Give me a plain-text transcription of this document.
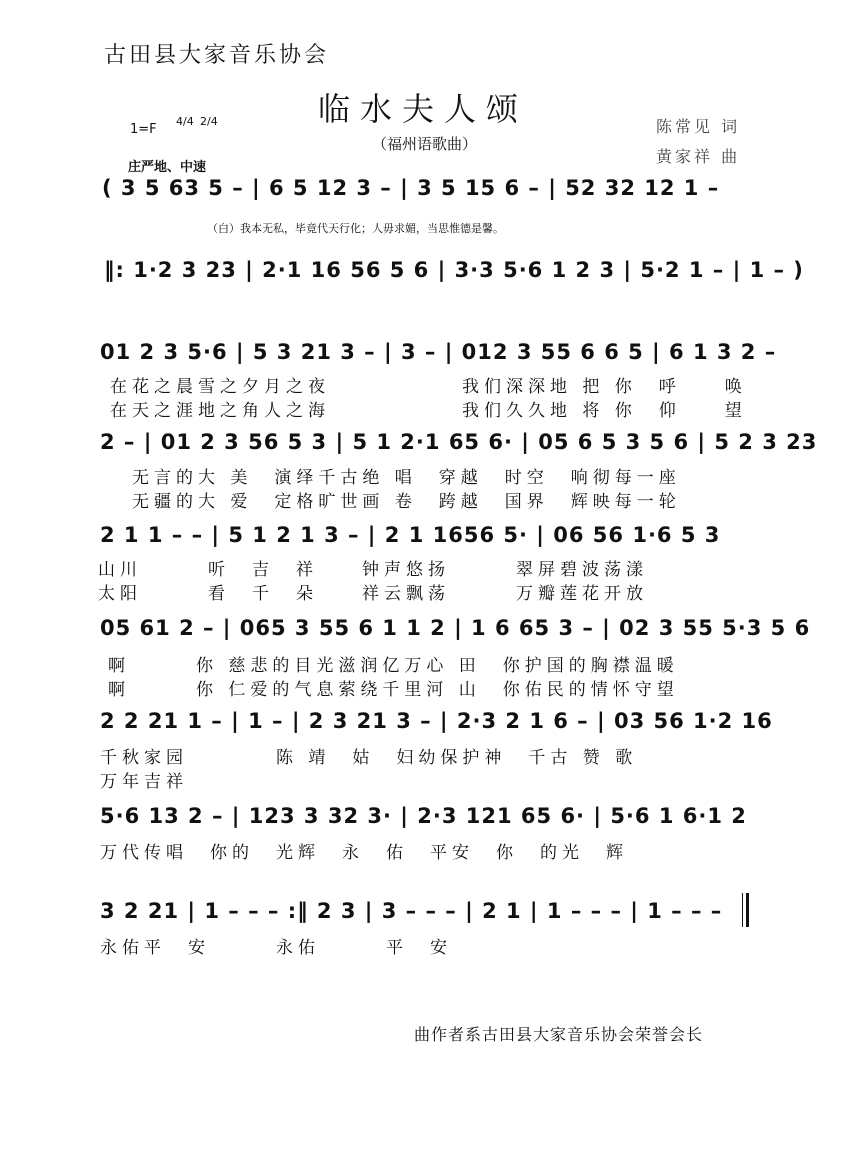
古田县大家音乐协会
临水夫人颂
（福州语歌曲）
陈常见 词
黄家祥 曲
1=F
4/4 2/4
庄严地、中速
( 3 5 63 5 – | 6 5 12 3 – | 3 5 15 6 – | 52 32 12 1 –
（白）我本无私，毕竟代天行化；人毋求媚，当思惟德是馨。
‖: 1·2 3 23 | 2·1 16 56 5 6 | 3·3 5·6 1 2 3 | 5·2 1 – | 1 – )
01 2 3 5·6 | 5 3 21 3 – | 3 – | 012 3 55 6 6 5 | 6 1 3 2 –
在花之晨雪之夕月之夜　　　　　　我们深深地 把 你　呼　　唤
在天之涯地之角人之海　　　　　　我们久久地 将 你　仰　　望
2 – | 01 2 3 56 5 3 | 5 1 2·1 65 6· | 05 6 5 3 5 6 | 5 2 3 23
　无言的大 美　演绎千古绝 唱　穿越　时空　响彻每一座
　无疆的大 爱　定格旷世画 卷　跨越　国界　辉映每一轮
2 1 1 – – | 5 1 2 1 3 – | 2 1 1656 5· | 06 56 1·6 5 3
山川　　　听　吉　祥　　钟声悠扬　　　翠屏碧波荡漾
太阳　　　看　千　朵　　祥云飘荡　　　万瓣莲花开放
05 61 2 – | 065 3 55 6 1 1 2 | 1 6 65 3 – | 02 3 55 5·3 5 6
啊　　　你 慈悲的目光滋润亿万心 田　你护国的胸襟温暖
啊　　　你 仁爱的气息萦绕千里河 山　你佑民的情怀守望
2 2 21 1 – | 1 – | 2 3 21 3 – | 2·3 2 1 6 – | 03 56 1·2 16
千秋家园　　　　陈 靖　姑　妇幼保护神　千古 赞 歌
万年吉祥
5·6 13 2 – | 123 3 32 3· | 2·3 121 65 6· | 5·6 1 6·1 2
万代传唱　你的　光辉　永　佑　平安　你　的光　辉
3 2 21 | 1 – – – :‖ 2 3 | 3 – – – | 2 1 | 1 – – – | 1 – – –
永佑平　安　　　永佑　　　平　安
曲作者系古田县大家音乐协会荣誉会长
